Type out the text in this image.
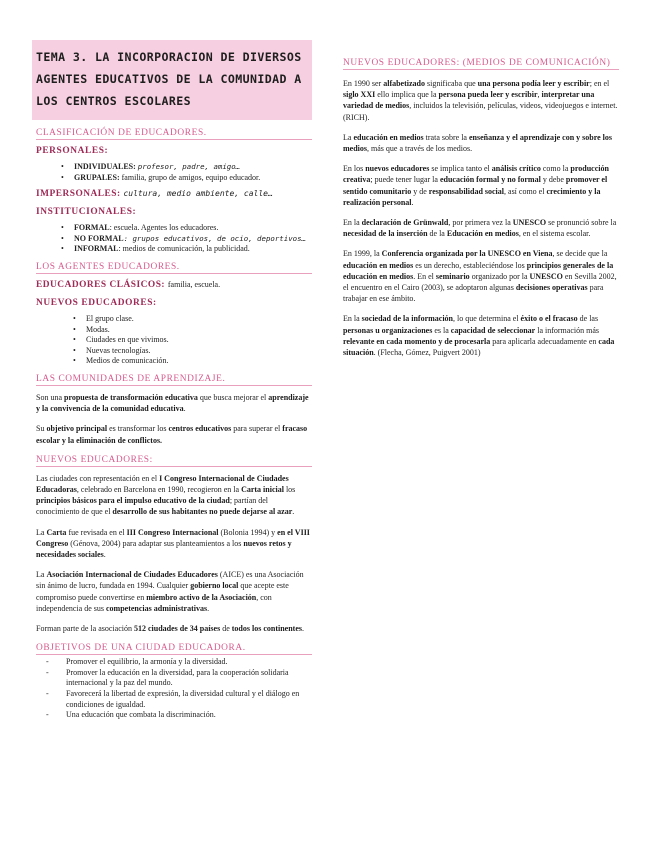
TEMA 3. LA INCORPORACION DE DIVERSOS AGENTES EDUCATIVOS DE LA COMUNIDAD A LOS CENTROS ESCOLARES
CLASIFICACIÓN DE EDUCADORES.
PERSONALES:
• INDIVIDUALES: profesor, padre, amigo…
• GRUPALES: familia, grupo de amigos, equipo educador.
IMPERSONALES: cultura, medio ambiente, calle…
INSTITUCIONALES:
• FORMAL: escuela. Agentes los educadores.
• NO FORMAL: grupos educativos, de ocio, deportivos…
• INFORMAL: medios de comunicación, la publicidad.
LOS AGENTES EDUCADORES.
EDUCADORES CLÁSICOS: familia, escuela.
NUEVOS EDUCADORES:
• El grupo clase.
• Modas.
• Ciudades en que vivimos.
• Nuevas tecnologías.
• Medios de comunicación.
LAS COMUNIDADES DE APRENDIZAJE.

Son una propuesta de transformación educativa que busca mejorar el aprendizaje y la convivencia de la comunidad educativa.

Su objetivo principal es transformar los centros educativos para superar el fracaso escolar y la eliminación de conflictos.

NUEVOS EDUCADORES:

Las ciudades con representación en el I Congreso Internacional de Ciudades Educadoras, celebrado en Barcelona en 1990, recogieron en la Carta inicial los principios básicos para el impulso educativo de la ciudad; partían del conocimiento de que el desarrollo de sus habitantes no puede dejarse al azar.

La Carta fue revisada en el III Congreso Internacional (Bolonia 1994) y en el VIII Congreso (Génova, 2004) para adaptar sus planteamientos a los nuevos retos y necesidades sociales.

La Asociación Internacional de Ciudades Educadores (AICE) es una Asociación sin ánimo de lucro, fundada en 1994. Cualquier gobierno local que acepte este compromiso puede convertirse en miembro activo de la Asociación, con independencia de sus competencias administrativas.

Forman parte de la asociación 512 ciudades de 34 países de todos los continentes.

OBJETIVOS DE UNA CIUDAD EDUCADORA.
- Promover el equilibrio, la armonía y la diversidad.
- Promover la educación en la diversidad, para la cooperación solidaria internacional y la paz del mundo.
- Favorecerá la libertad de expresión, la diversidad cultural y el diálogo en condiciones de igualdad.
- Una educación que combata la discriminación.
NUEVOS EDUCADORES: (MEDIOS DE COMUNICACIÓN)

En 1990 ser alfabetizado significaba que una persona podía leer y escribir; en el siglo XXI ello implica que la persona pueda leer y escribir, interpretar una variedad de medios, incluidos la televisión, películas, videos, videojuegos e internet. (RICH).

La educación en medios trata sobre la enseñanza y el aprendizaje con y sobre los medios, más que a través de los medios.

En los nuevos educadores se implica tanto el análisis crítico como la producción creativa; puede tener lugar la educación formal y no formal y debe promover el sentido comunitario y de responsabilidad social, así como el crecimiento y la realización personal.

En la declaración de Grünwald, por primera vez la UNESCO se pronunció sobre la necesidad de la inserción de la Educación en medios, en el sistema escolar.

En 1999, la Conferencia organizada por la UNESCO en Viena, se decide que la educación en medios es un derecho, estableciéndose los principios generales de la educación en medios. En el seminario organizado por la UNESCO en Sevilla 2002, el encuentro en el Cairo (2003), se adoptaron algunas decisiones operativas para trabajar en ese ámbito.

En la sociedad de la información, lo que determina el éxito o el fracaso de las personas u organizaciones es la capacidad de seleccionar la información más relevante en cada momento y de procesarla para aplicarla adecuadamente en cada situación. (Flecha, Gómez, Puigvert 2001)
